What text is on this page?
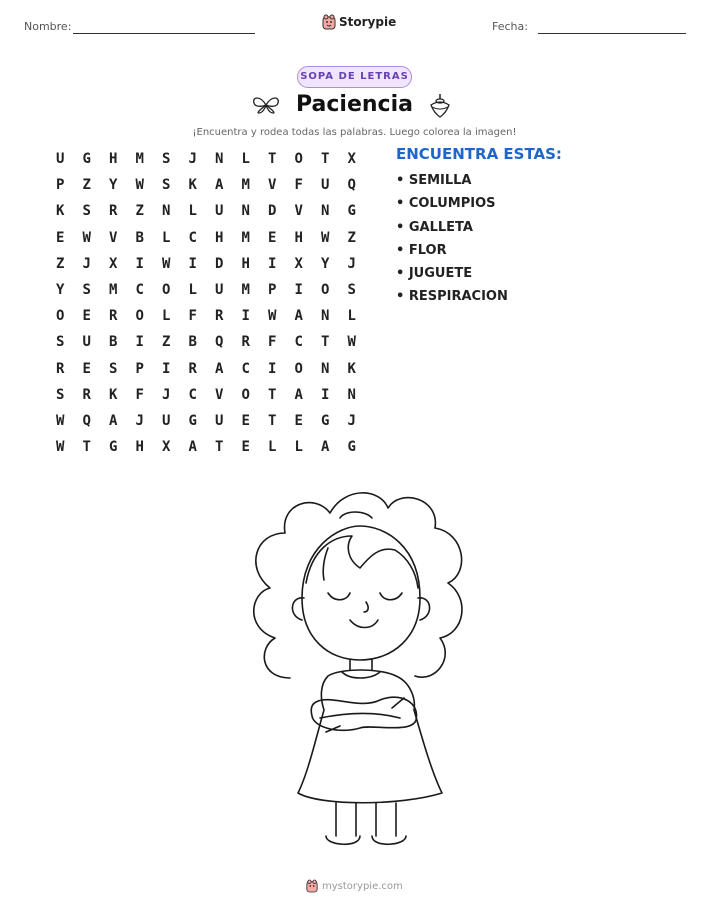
Nombre:	Storypie	Fecha:
SOPA DE LETRAS
Paciencia
¡Encuentra y rodea todas las palabras. Luego colorea la imagen!
U	G	H	M	S	J	N	L	T	O	T	X
P	Z	Y	W	S	K	A	M	V	F	U	Q
K	S	R	Z	N	L	U	N	D	V	N	G
E	W	V	B	L	C	H	M	E	H	W	Z
Z	J	X	I	W	I	D	H	I	X	Y	J
Y	S	M	C	O	L	U	M	P	I	O	S
O	E	R	O	L	F	R	I	W	A	N	L
S	U	B	I	Z	B	Q	R	F	C	T	W
R	E	S	P	I	R	A	C	I	O	N	K
S	R	K	F	J	C	V	O	T	A	I	N
W	Q	A	J	U	G	U	E	T	E	G	J
W	T	G	H	X	A	T	E	L	L	A	G
ENCUENTRA ESTAS:
• SEMILLA
• COLUMPIOS
• GALLETA
• FLOR
• JUGUETE
• RESPIRACION
mystorypie.com
